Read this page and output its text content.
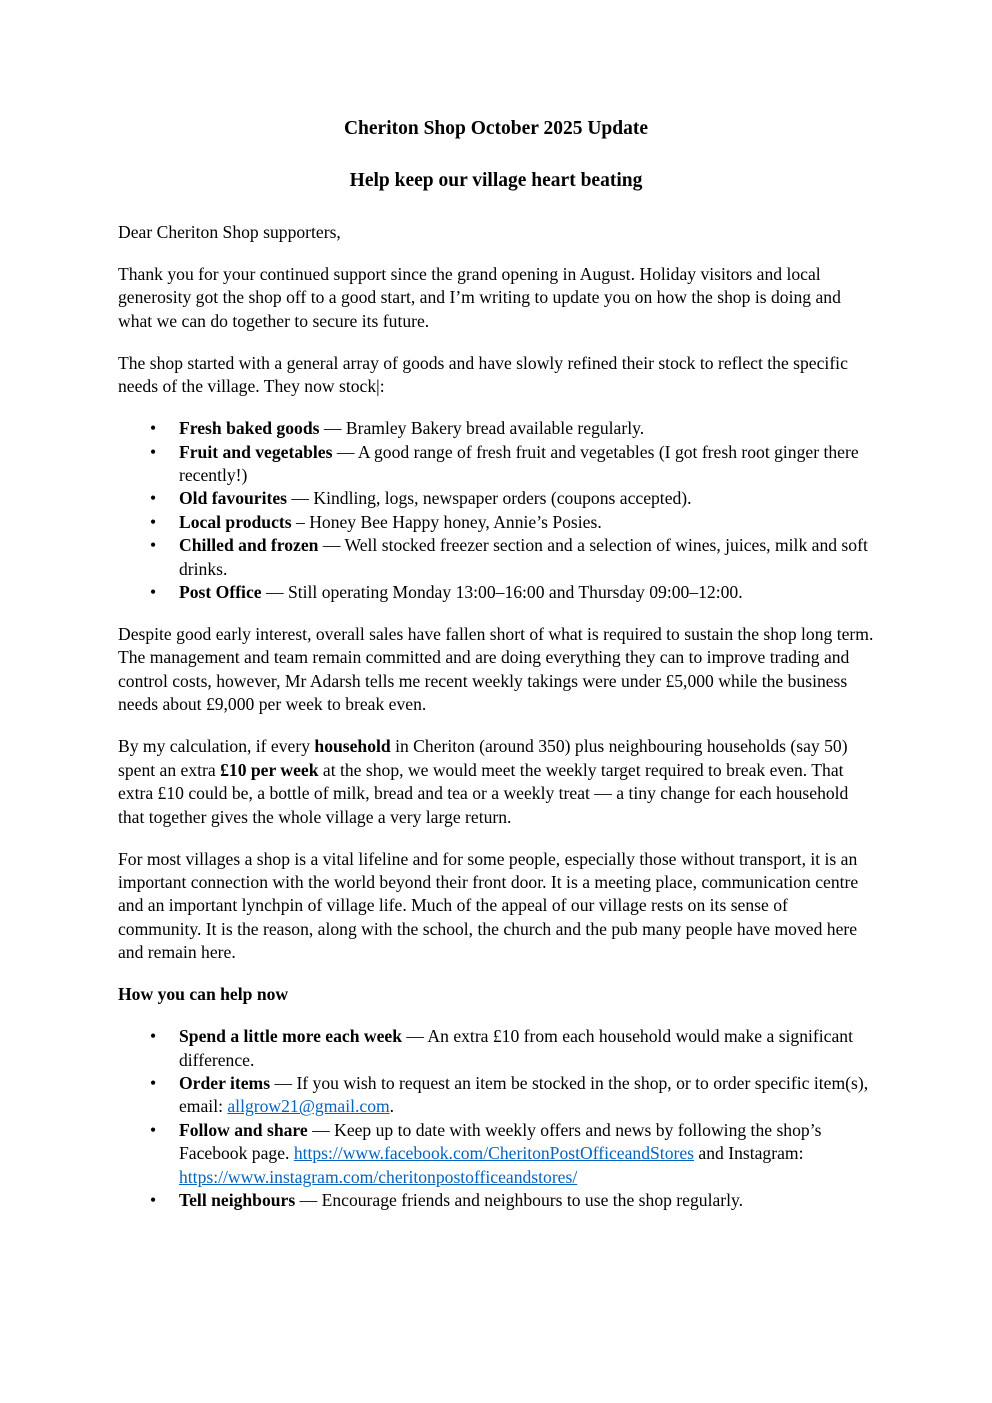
Cheriton Shop October 2025 Update
Help keep our village heart beating

Dear Cheriton Shop supporters,

Thank you for your continued support since the grand opening in August. Holiday visitors and local generosity got the shop off to a good start, and I’m writing to update you on how the shop is doing and what we can do together to secure its future.

The shop started with a general array of goods and have slowly refined their stock to reflect the specific needs of the village. They now stock|:

• Fresh baked goods — Bramley Bakery bread available regularly.
• Fruit and vegetables — A good range of fresh fruit and vegetables (I got fresh root ginger there recently!)
• Old favourites — Kindling, logs, newspaper orders (coupons accepted).
• Local products – Honey Bee Happy honey, Annie’s Posies.
• Chilled and frozen — Well stocked freezer section and a selection of wines, juices, milk and soft drinks.
• Post Office — Still operating Monday 13:00–16:00 and Thursday 09:00–12:00.

Despite good early interest, overall sales have fallen short of what is required to sustain the shop long term. The management and team remain committed and are doing everything they can to improve trading and control costs, however, Mr Adarsh tells me recent weekly takings were under £5,000 while the business needs about £9,000 per week to break even.

By my calculation, if every household in Cheriton (around 350) plus neighbouring households (say 50) spent an extra £10 per week at the shop, we would meet the weekly target required to break even. That extra £10 could be, a bottle of milk, bread and tea or a weekly treat — a tiny change for each household that together gives the whole village a very large return.

For most villages a shop is a vital lifeline and for some people, especially those without transport, it is an important connection with the world beyond their front door. It is a meeting place, communication centre and an important lynchpin of village life. Much of the appeal of our village rests on its sense of community. It is the reason, along with the school, the church and the pub many people have moved here and remain here.

How you can help now

• Spend a little more each week — An extra £10 from each household would make a significant difference.
• Order items — If you wish to request an item be stocked in the shop, or to order specific item(s), email: allgrow21@gmail.com.
• Follow and share — Keep up to date with weekly offers and news by following the shop’s Facebook page. https://www.facebook.com/CheritonPostOfficeandStores and Instagram: https://www.instagram.com/cheritonpostofficeandstores/
• Tell neighbours — Encourage friends and neighbours to use the shop regularly.
